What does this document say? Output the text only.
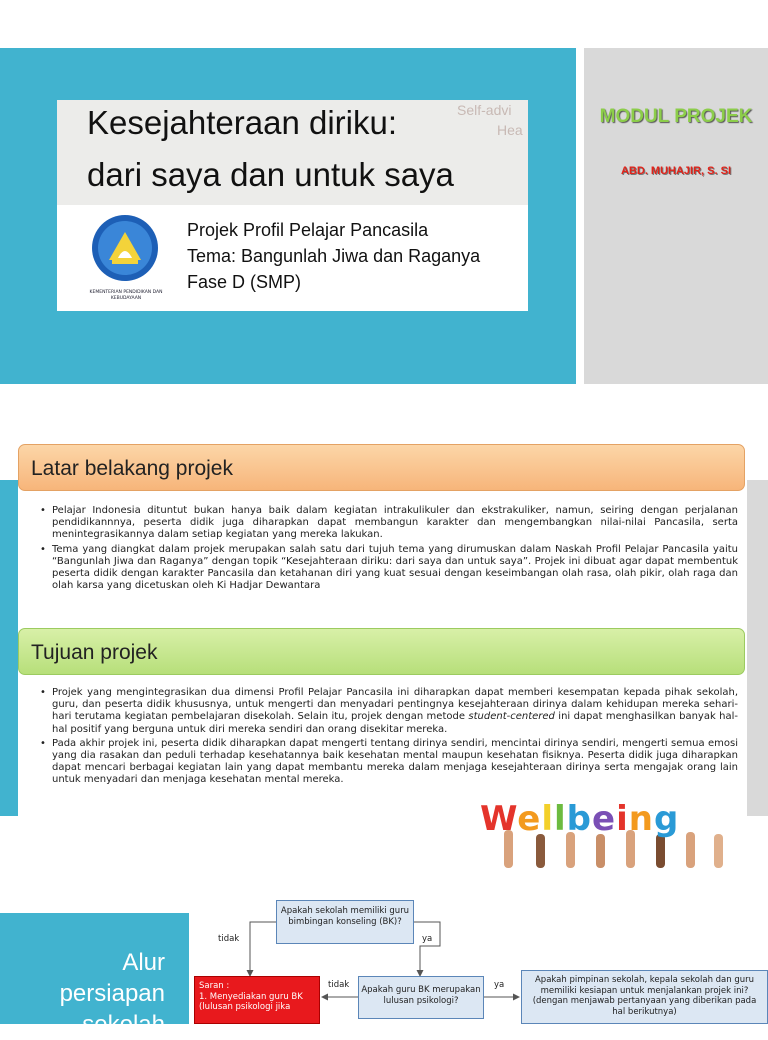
Self-advi
Hea
Kesejahteraan diriku:
dari saya dan untuk saya
KEMENTERIAN PENDIDIKAN DAN KEBUDAYAAN
Projek Profil Pelajar Pancasila
Tema: Bangunlah Jiwa dan Raganya
Fase D (SMP)
MODUL PROJEK
ABD. MUHAJIR, S. SI
Latar belakang projek
• Pelajar Indonesia dituntut bukan hanya baik dalam kegiatan intrakulikuler dan ekstrakuliker, namun, seiring dengan perjalanan pendidikannnya, peserta didik juga diharapkan dapat membangun karakter dan mengembangkan nilai-nilai Pancasila, serta menintegrasikannya dalam setiap kegiatan yang mereka lakukan.
• Tema yang diangkat dalam projek merupakan salah satu dari tujuh tema yang dirumuskan dalam Naskah Profil Pelajar Pancasila yaitu “Bangunlah Jiwa dan Raganya” dengan topik “Kesejahteraan diriku: dari saya dan untuk saya”. Projek ini dibuat agar dapat membentuk peserta didik dengan karakter Pancasila dan ketahanan diri yang kuat sesuai dengan keseimbangan olah rasa, olah pikir, olah raga dan olah karsa yang dicetuskan oleh Ki Hadjar Dewantara
Tujuan projek
• Projek yang mengintegrasikan dua dimensi Profil Pelajar Pancasila ini diharapkan dapat memberi kesempatan kepada pihak sekolah, guru, dan peserta didik khususnya, untuk mengerti dan menyadari pentingnya kesejahteraan dirinya dalam kehidupan mereka sehari-hari terutama kegiatan pembelajaran disekolah. Selain itu, projek dengan metode student-centered ini dapat menghasilkan banyak hal-hal positif yang berguna untuk diri mereka sendiri dan orang disekitar mereka.
• Pada akhir projek ini, peserta didik diharapkan dapat mengerti tentang dirinya sendiri, mencintai dirinya sendiri, mengerti semua emosi yang dia rasakan dan peduli terhadap kesehatannya baik kesehatan mental maupun kesehatan fisiknya. Peserta didik juga diharapkan dapat mencari berbagai kegiatan lain yang dapat membantu mereka dalam menjaga kesejahteraan dirinya serta mengajak orang lain untuk menyadari dan menjaga kesehatan mental mereka.
Wellbeing
Alur
persiapan
sekolah
tidak	ya
tidak	ya
Apakah sekolah memiliki guru bimbingan konseling (BK)?
Apakah guru BK merupakan lulusan psikologi?
Apakah pimpinan sekolah, kepala sekolah dan guru memiliki kesiapan untuk menjalankan projek ini? (dengan menjawab pertanyaan yang diberikan pada hal berikutnya)
Saran :
1. Menyediakan guru BK (lulusan psikologi jika
